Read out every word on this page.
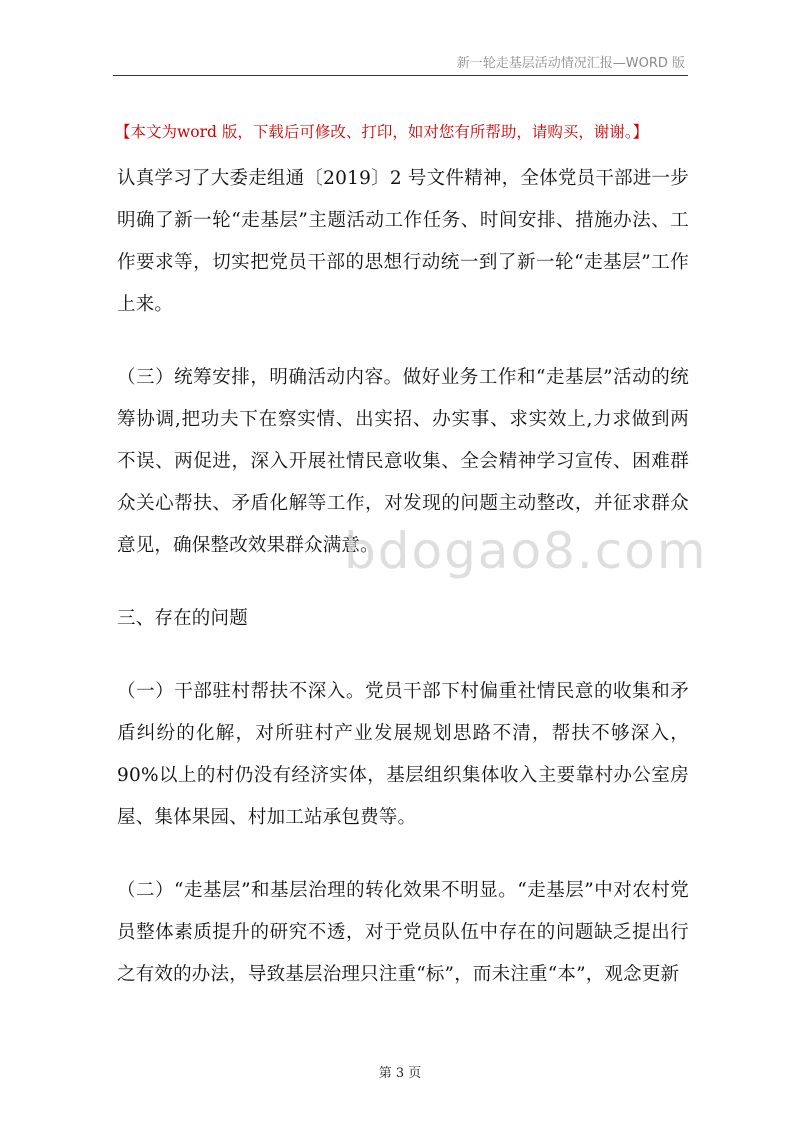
新一轮走基层活动情况汇报—WORD 版
【本文为word 版，下载后可修改、打印，如对您有所帮助，请购买，谢谢。】

认真学习了大委走组通〔2019〕2 号文件精神，全体党员干部进一步明确了新一轮“走基层”主题活动工作任务、时间安排、措施办法、工作要求等，切实把党员干部的思想行动统一到了新一轮“走基层”工作上来。

（三）统筹安排，明确活动内容。做好业务工作和“走基层”活动的统筹协调,把功夫下在察实情、出实招、办实事、求实效上,力求做到两不误、两促进，深入开展社情民意收集、全会精神学习宣传、困难群众关心帮扶、矛盾化解等工作，对发现的问题主动整改，并征求群众意见，确保整改效果群众满意。

三、存在的问题

（一）干部驻村帮扶不深入。党员干部下村偏重社情民意的收集和矛盾纠纷的化解，对所驻村产业发展规划思路不清，帮扶不够深入，90%以上的村仍没有经济实体，基层组织集体收入主要靠村办公室房屋、集体果园、村加工站承包费等。

（二）“走基层”和基层治理的转化效果不明显。“走基层”中对农村党员整体素质提升的研究不透，对于党员队伍中存在的问题缺乏提出行之有效的办法，导致基层治理只注重“标”，而未注重“本”，观念更新

bdogao8.com
第 3 页
